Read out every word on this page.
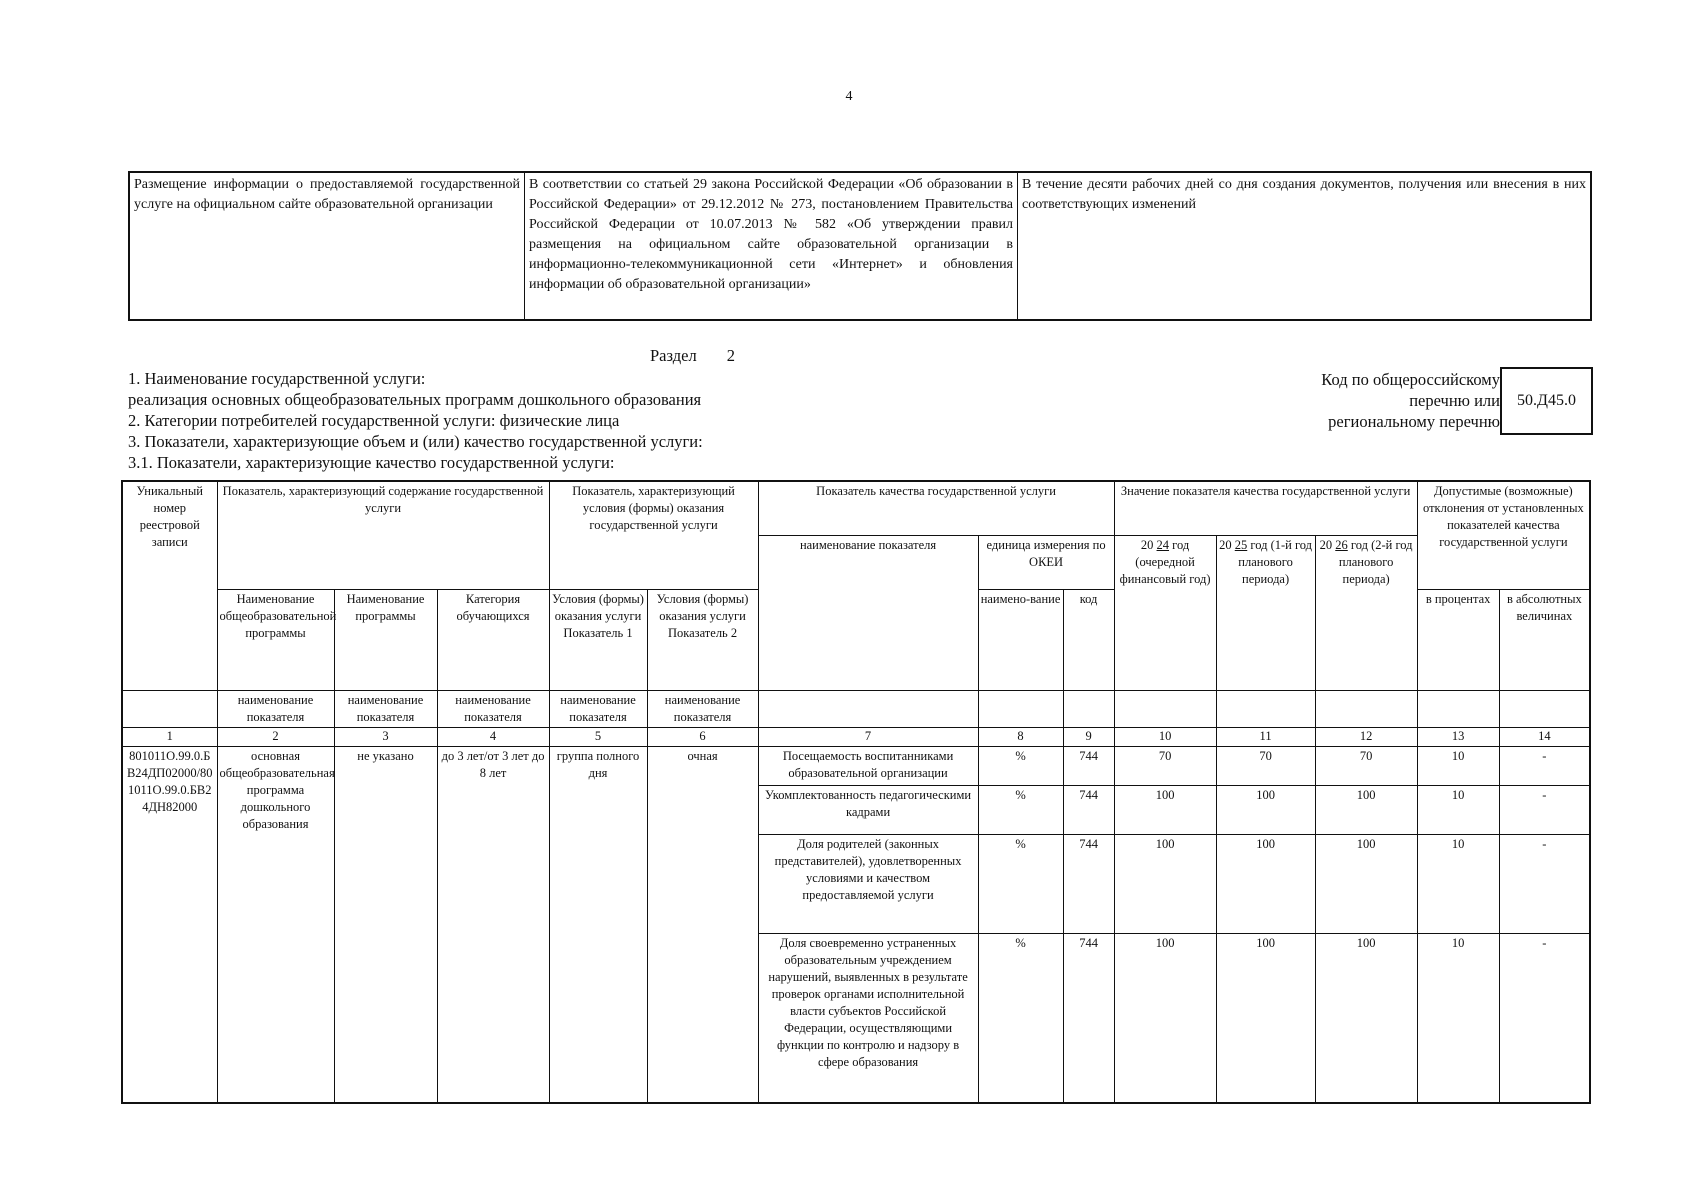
4
Размещение информации о предоставляемой государственной услуге на официальном сайте образовательной организации	В соответствии со статьей 29 закона Российской Федерации «Об образовании в Российской Федерации» от 29.12.2012 № 273, постановлением Правительства Российской Федерации от 10.07.2013 № 582 «Об утверждении правил размещения на официальном сайте образовательной организации в информационно-телекоммуникационной сети «Интернет» и обновления информации об образовательной организации»	В течение десяти рабочих дней со дня создания документов, получения или внесения в них соответствующих изменений
Раздел 2
1. Наименование государственной услуги:
реализация основных общеобразовательных программ дошкольного образования
2. Категории потребителей государственной услуги: физические лица
3. Показатели, характеризующие объем и (или) качество государственной услуги:
3.1. Показатели, характеризующие качество государственной услуги:
Код по общероссийскому
перечню или
региональному перечню
50.Д45.0
Уникальный номер реестровой записи	Показатель, характеризующий содержание государственной услуги			Показатель, характеризующий условия (формы) оказания государственной услуги		Показатель качества государственной услуги			Значение показателя качества государственной услуги			Допустимые (возможные) отклонения от установленных показателей качества государственной услуги	
						наименование показателя	единица измерения по ОКЕИ		20 24 год (очередной финансовый год)	20 25 год (1-й год планового периода)	20 26 год (2-й год планового периода)		
	Наименование общеобразовательной программы	Наименование программы	Категория обучающихся	Условия (формы) оказания услуги Показатель 1	Условия (формы) оказания услуги Показатель 2		наимено-вание	код				в процентах	в абсолютных величинах
	наименование показателя	наименование показателя	наименование показателя	наименование показателя	наименование показателя								
1	2	3	4	5	6	7	8	9	10	11	12	13	14
801011О.99.0.БВ24ДП02000/801011О.99.0.БВ24ДН82000	основная общеобразовательная программа дошкольного образования	не указано	до 3 лет/от 3 лет до 8 лет	группа полного дня	очная	Посещаемость воспитанниками образовательной организации	%	744	70	70	70	10	-
						Укомплектованность педагогическими кадрами	%	744	100	100	100	10	-
						Доля родителей (законных представителей), удовлетворенных условиями и качеством предоставляемой услуги	%	744	100	100	100	10	-
						Доля своевременно устраненных образовательным учреждением нарушений, выявленных в результате проверок органами исполнительной власти субъектов Российской Федерации, осуществляющими функции по контролю и надзору в сфере образования	%	744	100	100	100	10	-
